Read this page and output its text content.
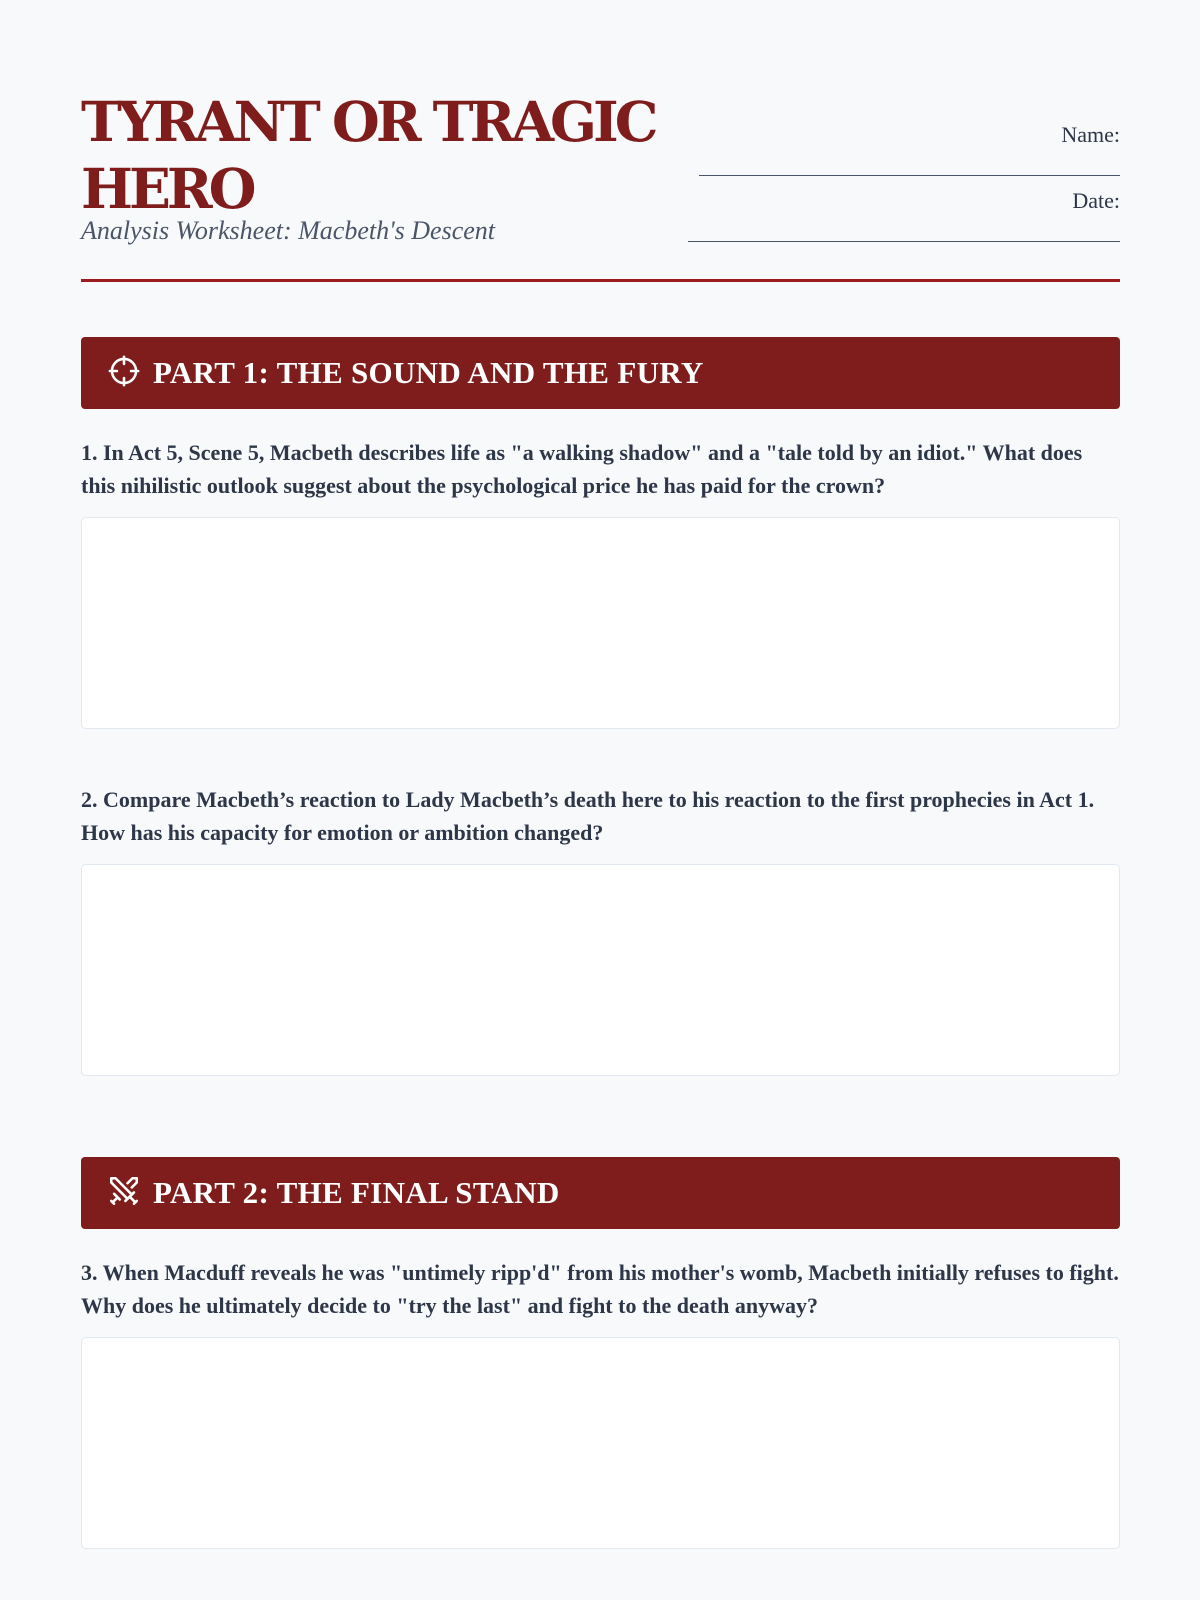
TYRANT OR TRAGIC HERO
Analysis Worksheet: Macbeth's Descent
Name:
Date:
PART 1: THE SOUND AND THE FURY
1. In Act 5, Scene 5, Macbeth describes life as "a walking shadow" and a "tale told by an idiot." What does this nihilistic outlook suggest about the psychological price he has paid for the crown?
2. Compare Macbeth’s reaction to Lady Macbeth’s death here to his reaction to the first prophecies in Act 1. How has his capacity for emotion or ambition changed?
PART 2: THE FINAL STAND
3. When Macduff reveals he was "untimely ripp'd" from his mother's womb, Macbeth initially refuses to fight. Why does he ultimately decide to "try the last" and fight to the death anyway?
